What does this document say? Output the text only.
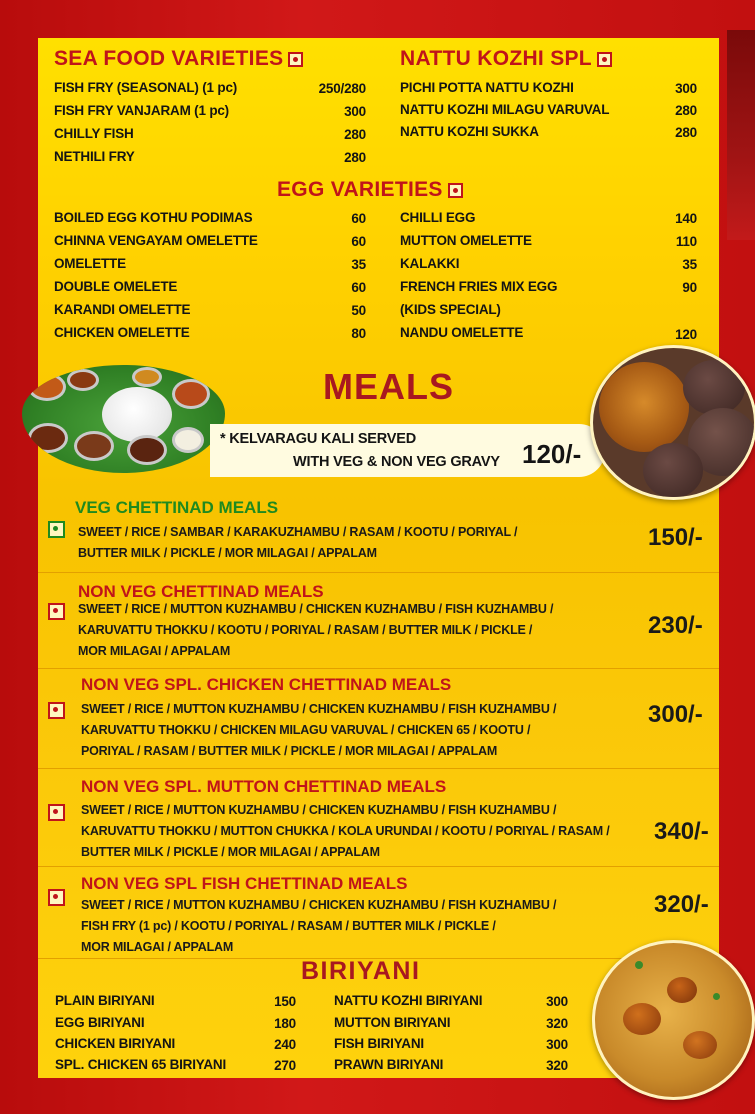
SEA FOOD VARIETIES
FISH FRY (SEASONAL) (1 pc)	250/280
FISH FRY VANJARAM (1 pc)	300
CHILLY FISH	280
NETHILI FRY	280
NATTU KOZHI SPL
PICHI POTTA NATTU KOZHI	300
NATTU KOZHI MILAGU VARUVAL	280
NATTU KOZHI SUKKA	280
EGG VARIETIES
BOILED EGG KOTHU PODIMAS	60
CHINNA VENGAYAM OMELETTE	60
OMELETTE	35
DOUBLE OMELETE	60
KARANDI OMELETTE	50
CHICKEN OMELETTE	80
CHILLI EGG	140
MUTTON OMELETTE	110
KALAKKI	35
FRENCH FRIES MIX EGG	90
(KIDS SPECIAL)
NANDU OMELETTE	120
MEALS
* KELVARAGU KALI SERVED
WITH VEG & NON VEG GRAVY 120/-
VEG CHETTINAD MEALS
SWEET / RICE / SAMBAR / KARAKUZHAMBU / RASAM / KOOTU / PORIYAL /
BUTTER MILK / PICKLE / MOR MILAGAI / APPALAM
150/-
NON VEG CHETTINAD MEALS
SWEET / RICE / MUTTON KUZHAMBU / CHICKEN KUZHAMBU / FISH KUZHAMBU /
KARUVATTU THOKKU / KOOTU / PORIYAL / RASAM / BUTTER MILK / PICKLE /
MOR MILAGAI / APPALAM
230/-
NON VEG SPL. CHICKEN CHETTINAD MEALS
SWEET / RICE / MUTTON KUZHAMBU / CHICKEN KUZHAMBU / FISH KUZHAMBU /
KARUVATTU THOKKU / CHICKEN MILAGU VARUVAL / CHICKEN 65 / KOOTU /
PORIYAL / RASAM / BUTTER MILK / PICKLE / MOR MILAGAI / APPALAM
300/-
NON VEG SPL. MUTTON CHETTINAD MEALS
SWEET / RICE / MUTTON KUZHAMBU / CHICKEN KUZHAMBU / FISH KUZHAMBU /
KARUVATTU THOKKU / MUTTON CHUKKA / KOLA URUNDAI / KOOTU / PORIYAL / RASAM /
BUTTER MILK / PICKLE / MOR MILAGAI / APPALAM
340/-
NON VEG SPL FISH CHETTINAD MEALS
SWEET / RICE / MUTTON KUZHAMBU / CHICKEN KUZHAMBU / FISH KUZHAMBU /
FISH FRY (1 pc) / KOOTU / PORIYAL / RASAM / BUTTER MILK / PICKLE /
MOR MILAGAI / APPALAM
320/-
BIRIYANI
PLAIN BIRIYANI	150
EGG BIRIYANI	180
CHICKEN BIRIYANI	240
SPL. CHICKEN 65 BIRIYANI	270
NATTU KOZHI BIRIYANI	300
MUTTON BIRIYANI	320
FISH BIRIYANI	300
PRAWN BIRIYANI	320
